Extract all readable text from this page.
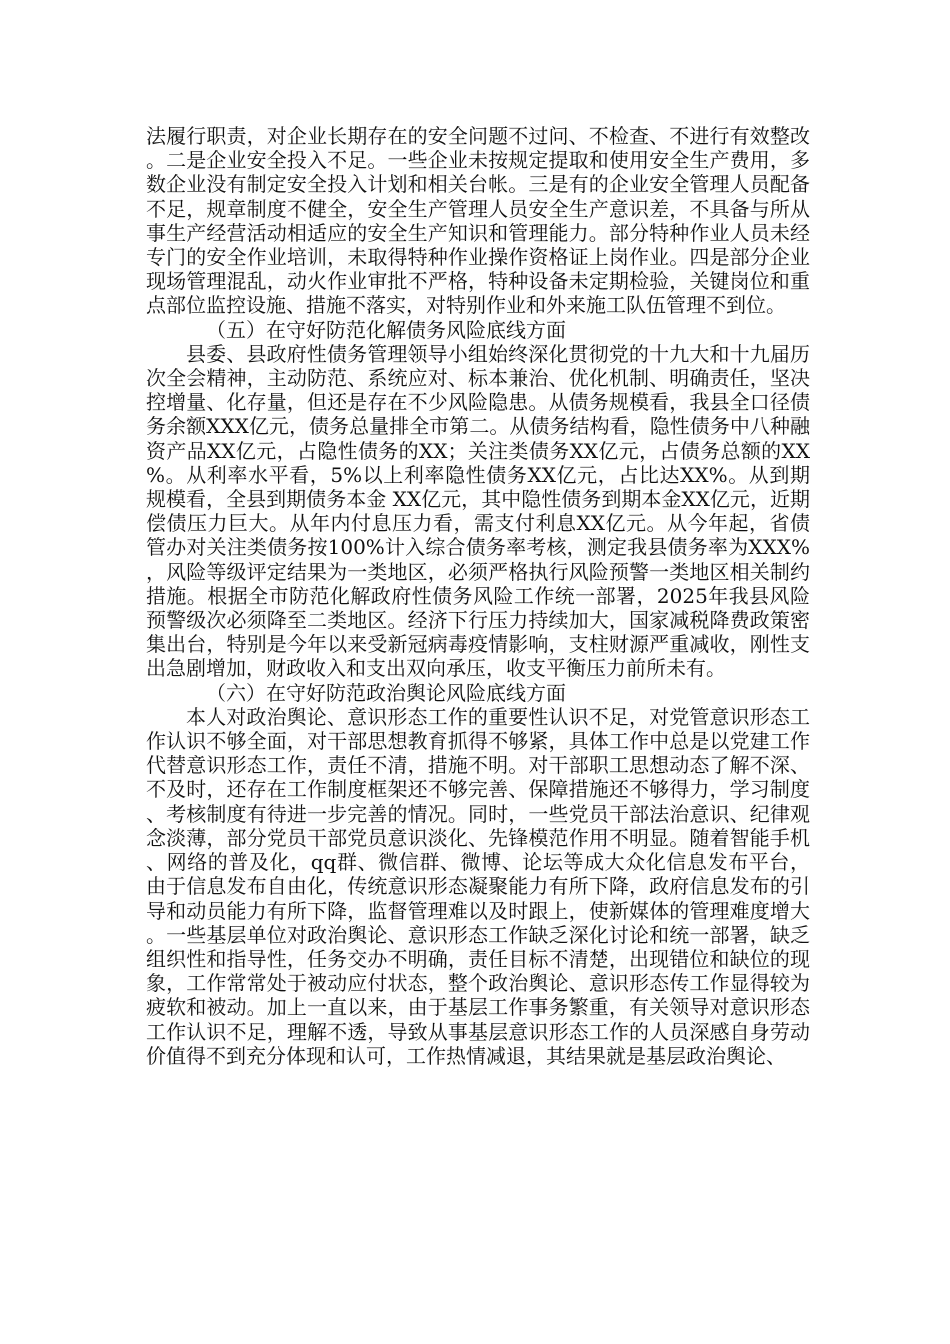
法履行职责，对企业长期存在的安全问题不过问、不检查、不进行有效整改。二是企业安全投入不足。一些企业未按规定提取和使用安全生产费用，多数企业没有制定安全投入计划和相关台帐。三是有的企业安全管理人员配备不足，规章制度不健全，安全生产管理人员安全生产意识差，不具备与所从事生产经营活动相适应的安全生产知识和管理能力。部分特种作业人员未经专门的安全作业培训，未取得特种作业操作资格证上岗作业。四是部分企业现场管理混乱，动火作业审批不严格，特种设备未定期检验，关键岗位和重点部位监控设施、措施不落实，对特别作业和外来施工队伍管理不到位。

（五）在守好防范化解债务风险底线方面

县委、县政府性债务管理领导小组始终深化贯彻党的十九大和十九届历次全会精神，主动防范、系统应对、标本兼治、优化机制、明确责任，坚决控增量、化存量，但还是存在不少风险隐患。从债务规模看，我县全口径债务余额XXX亿元，债务总量排全市第二。从债务结构看，隐性债务中八种融资产品XX亿元，占隐性债务的XX；关注类债务XX亿元，占债务总额的XX%。从利率水平看，5%以上利率隐性债务XX亿元，占比达XX%。从到期规模看，全县到期债务本金 XX亿元，其中隐性债务到期本金XX亿元，近期偿债压力巨大。从年内付息压力看，需支付利息XX亿元。从今年起，省债管办对关注类债务按100%计入综合债务率考核，测定我县债务率为XXX%，风险等级评定结果为一类地区，必须严格执行风险预警一类地区相关制约措施。根据全市防范化解政府性债务风险工作统一部署，2025年我县风险预警级次必须降至二类地区。经济下行压力持续加大，国家减税降费政策密集出台，特别是今年以来受新冠病毒疫情影响，支柱财源严重减收，刚性支出急剧增加，财政收入和支出双向承压，收支平衡压力前所未有。

（六）在守好防范政治舆论风险底线方面

本人对政治舆论、意识形态工作的重要性认识不足，对党管意识形态工作认识不够全面，对干部思想教育抓得不够紧，具体工作中总是以党建工作代替意识形态工作，责任不清，措施不明。对干部职工思想动态了解不深、不及时，还存在工作制度框架还不够完善、保障措施还不够得力，学习制度、考核制度有待进一步完善的情况。同时，一些党员干部法治意识、纪律观念淡薄，部分党员干部党员意识淡化、先锋模范作用不明显。随着智能手机、网络的普及化，qq群、微信群、微博、论坛等成大众化信息发布平台，由于信息发布自由化，传统意识形态凝聚能力有所下降，政府信息发布的引导和动员能力有所下降，监督管理难以及时跟上，使新媒体的管理难度增大。一些基层单位对政治舆论、意识形态工作缺乏深化讨论和统一部署，缺乏组织性和指导性，任务交办不明确，责任目标不清楚，出现错位和缺位的现象，工作常常处于被动应付状态，整个政治舆论、意识形态传工作显得较为疲软和被动。加上一直以来，由于基层工作事务繁重，有关领导对意识形态工作认识不足，理解不透，导致从事基层意识形态工作的人员深感自身劳动价值得不到充分体现和认可，工作热情减退，其结果就是基层政治舆论、
